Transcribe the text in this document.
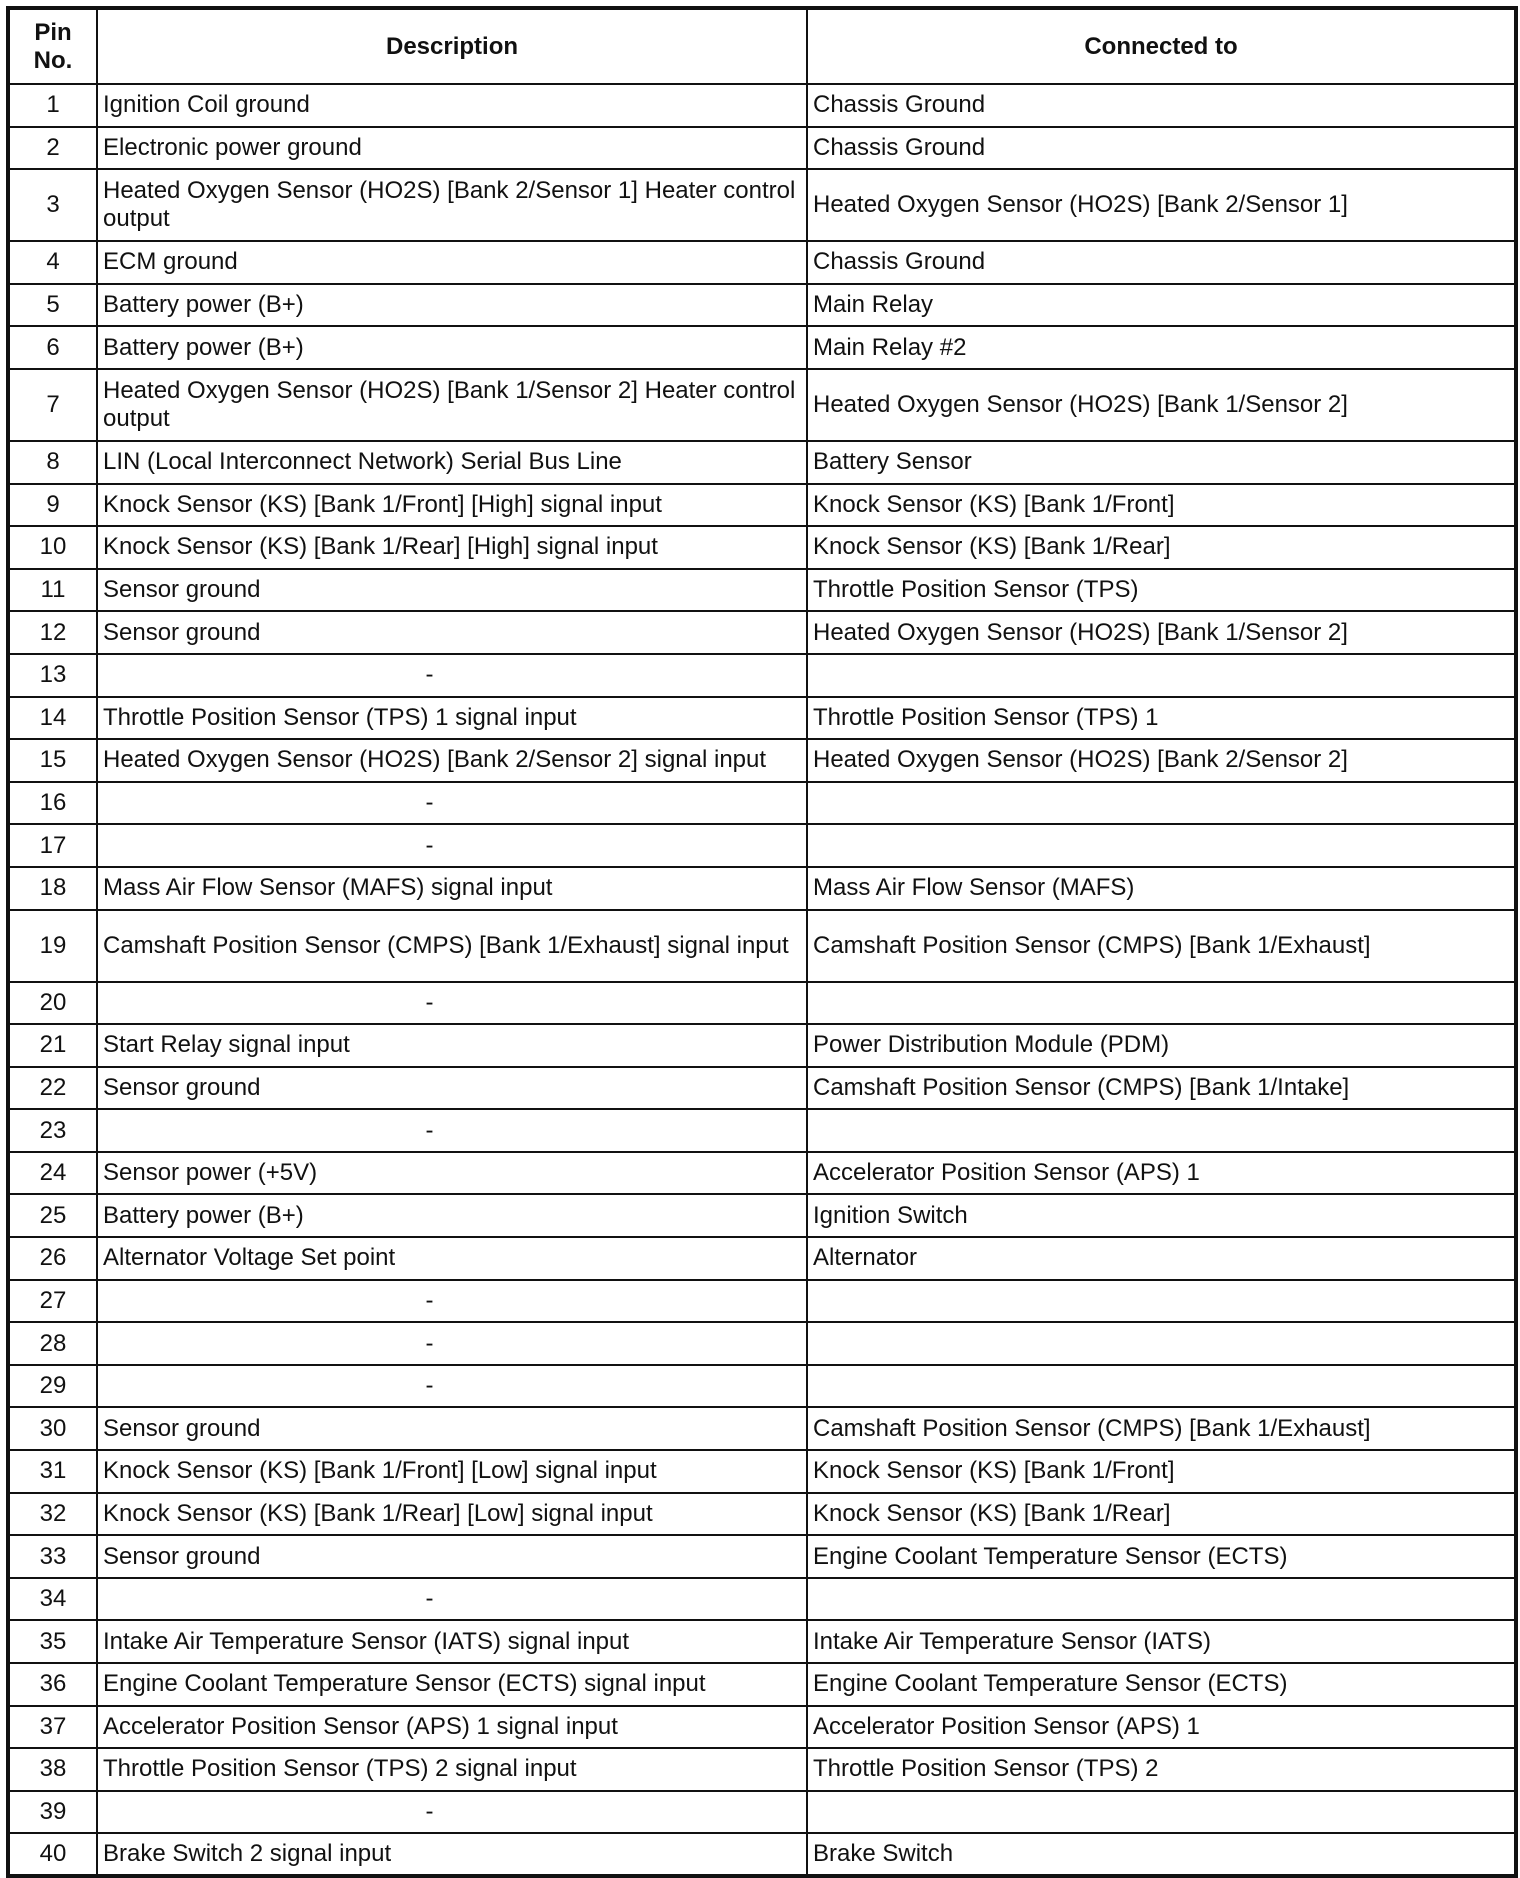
Pin
No.	Description	Connected to
1	Ignition Coil ground	Chassis Ground
2	Electronic power ground	Chassis Ground
3	Heated Oxygen Sensor (HO2S) [Bank 2/Sensor 1] Heater control output	Heated Oxygen Sensor (HO2S) [Bank 2/Sensor 1]
4	ECM ground	Chassis Ground
5	Battery power (B+)	Main Relay
6	Battery power (B+)	Main Relay #2
7	Heated Oxygen Sensor (HO2S) [Bank 1/Sensor 2] Heater control output	Heated Oxygen Sensor (HO2S) [Bank 1/Sensor 2]
8	LIN (Local Interconnect Network) Serial Bus Line	Battery Sensor
9	Knock Sensor (KS) [Bank 1/Front] [High] signal input	Knock Sensor (KS) [Bank 1/Front]
10	Knock Sensor (KS) [Bank 1/Rear] [High] signal input	Knock Sensor (KS) [Bank 1/Rear]
11	Sensor ground	Throttle Position Sensor (TPS)
12	Sensor ground	Heated Oxygen Sensor (HO2S) [Bank 1/Sensor 2]
13	-	
14	Throttle Position Sensor (TPS) 1 signal input	Throttle Position Sensor (TPS) 1
15	Heated Oxygen Sensor (HO2S) [Bank 2/Sensor 2] signal input	Heated Oxygen Sensor (HO2S) [Bank 2/Sensor 2]
16	-	
17	-	
18	Mass Air Flow Sensor (MAFS) signal input	Mass Air Flow Sensor (MAFS)
19	Camshaft Position Sensor (CMPS) [Bank 1/Exhaust] signal input	Camshaft Position Sensor (CMPS) [Bank 1/Exhaust]
20	-	
21	Start Relay signal input	Power Distribution Module (PDM)
22	Sensor ground	Camshaft Position Sensor (CMPS) [Bank 1/Intake]
23	-	
24	Sensor power (+5V)	Accelerator Position Sensor (APS) 1
25	Battery power (B+)	Ignition Switch
26	Alternator Voltage Set point	Alternator
27	-	
28	-	
29	-	
30	Sensor ground	Camshaft Position Sensor (CMPS) [Bank 1/Exhaust]
31	Knock Sensor (KS) [Bank 1/Front] [Low] signal input	Knock Sensor (KS) [Bank 1/Front]
32	Knock Sensor (KS) [Bank 1/Rear] [Low] signal input	Knock Sensor (KS) [Bank 1/Rear]
33	Sensor ground	Engine Coolant Temperature Sensor (ECTS)
34	-	
35	Intake Air Temperature Sensor (IATS) signal input	Intake Air Temperature Sensor (IATS)
36	Engine Coolant Temperature Sensor (ECTS) signal input	Engine Coolant Temperature Sensor (ECTS)
37	Accelerator Position Sensor (APS) 1 signal input	Accelerator Position Sensor (APS) 1
38	Throttle Position Sensor (TPS) 2 signal input	Throttle Position Sensor (TPS) 2
39	-	
40	Brake Switch 2 signal input	Brake Switch
